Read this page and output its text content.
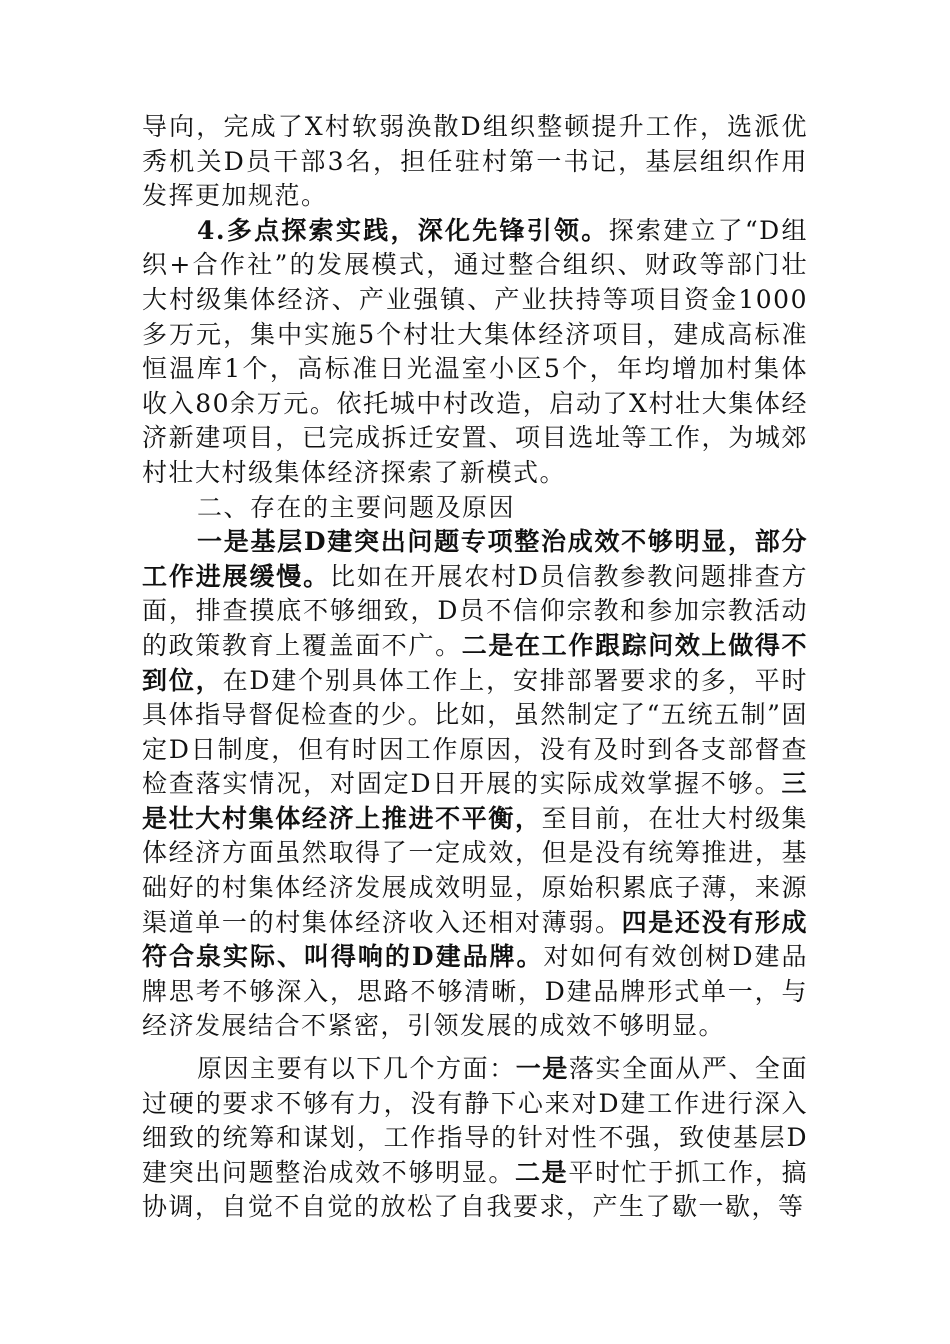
导向，完成了X村软弱涣散D组织整顿提升工作，选派优秀机关D员干部3名，担任驻村第一书记，基层组织作用发挥更加规范。

4.多点探索实践，深化先锋引领。探索建立了“D组织+合作社”的发展模式，通过整合组织、财政等部门壮大村级集体经济、产业强镇、产业扶持等项目资金1000多万元，集中实施5个村壮大集体经济项目，建成高标准恒温库1个，高标准日光温室小区5个，年均增加村集体收入80余万元。依托城中村改造，启动了X村壮大集体经济新建项目，已完成拆迁安置、项目选址等工作，为城郊村壮大村级集体经济探索了新模式。

二、存在的主要问题及原因

一是基层D建突出问题专项整治成效不够明显，部分工作进展缓慢。比如在开展农村D员信教参教问题排查方面，排查摸底不够细致，D员不信仰宗教和参加宗教活动的政策教育上覆盖面不广。二是在工作跟踪问效上做得不到位，在D建个别具体工作上，安排部署要求的多，平时具体指导督促检查的少。比如，虽然制定了“五统五制”固定D日制度，但有时因工作原因，没有及时到各支部督查检查落实情况，对固定D日开展的实际成效掌握不够。三是壮大村集体经济上推进不平衡，至目前，在壮大村级集体经济方面虽然取得了一定成效，但是没有统筹推进，基础好的村集体经济发展成效明显，原始积累底子薄，来源渠道单一的村集体经济收入还相对薄弱。四是还没有形成符合泉实际、叫得响的D建品牌。对如何有效创树D建品牌思考不够深入，思路不够清晰，D建品牌形式单一，与经济发展结合不紧密，引领发展的成效不够明显。

原因主要有以下几个方面：一是落实全面从严、全面过硬的要求不够有力，没有静下心来对D建工作进行深入细致的统筹和谋划，工作指导的针对性不强，致使基层D建突出问题整治成效不够明显。二是平时忙于抓工作，搞协调，自觉不自觉的放松了自我要求，产生了歇一歇，等
